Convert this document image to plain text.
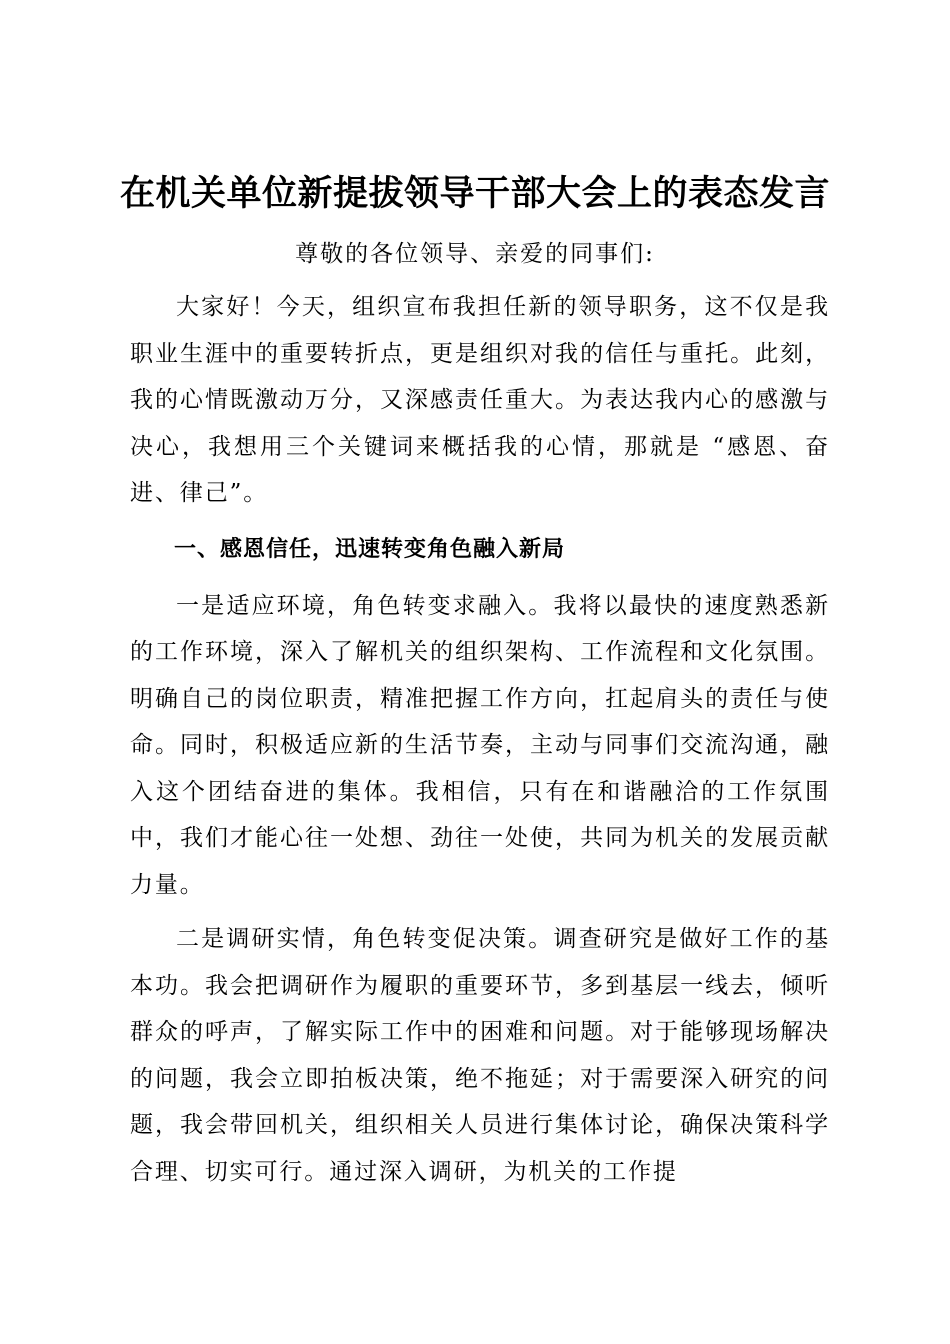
在机关单位新提拔领导干部大会上的表态发言

尊敬的各位领导、亲爱的同事们:

大家好！今天，组织宣布我担任新的领导职务，这不仅是我职业生涯中的重要转折点，更是组织对我的信任与重托。此刻，我的心情既激动万分，又深感责任重大。为表达我内心的感激与决心，我想用三个关键词来概括我的心情，那就是 “感恩、奋进、律己”。

一、感恩信任，迅速转变角色融入新局

一是适应环境，角色转变求融入。我将以最快的速度熟悉新的工作环境，深入了解机关的组织架构、工作流程和文化氛围。明确自己的岗位职责，精准把握工作方向，扛起肩头的责任与使命。同时，积极适应新的生活节奏，主动与同事们交流沟通，融入这个团结奋进的集体。我相信，只有在和谐融洽的工作氛围中，我们才能心往一处想、劲往一处使，共同为机关的发展贡献力量。

二是调研实情，角色转变促决策。调查研究是做好工作的基本功。我会把调研作为履职的重要环节，多到基层一线去，倾听群众的呼声，了解实际工作中的困难和问题。对于能够现场解决的问题，我会立即拍板决策，绝不拖延；对于需要深入研究的问题，我会带回机关，组织相关人员进行集体讨论，确保决策科学合理、切实可行。通过深入调研，为机关的工作提
